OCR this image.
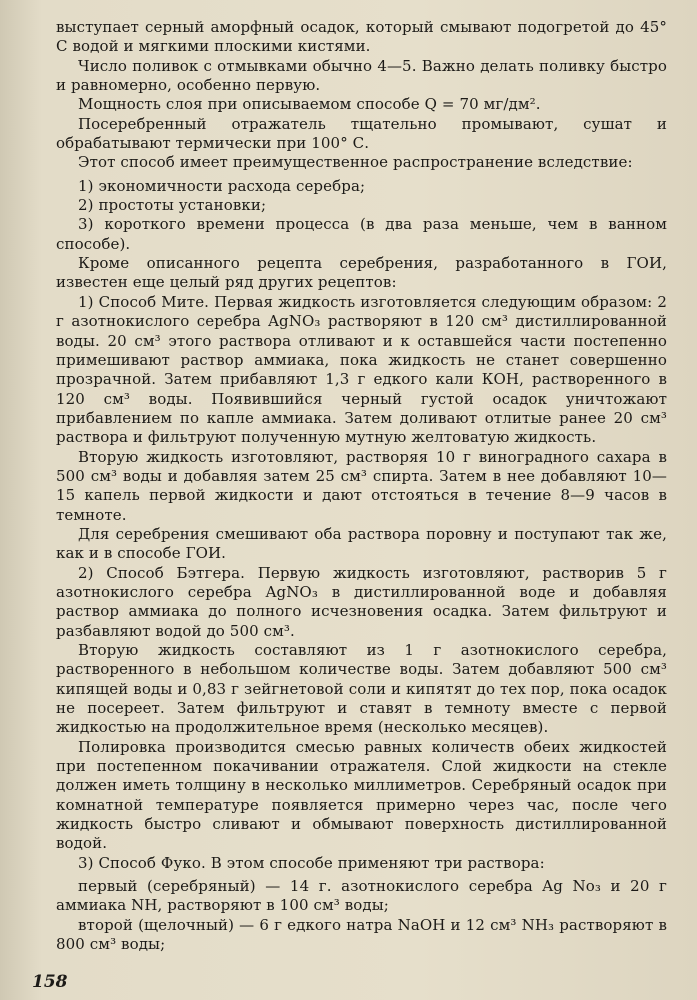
выступает серный аморфный осадок, который смывают подогретой до 45° С водой и мягкими плоскими кистями.

Число поливок с отмывками обычно 4—5. Важно делать поливку быстро и равномерно, особенно первую.

Мощность слоя при описываемом способе Q = 70 мг/дм².

Посеребренный отражатель тщательно промывают, сушат и обрабатывают термически при 100° С.

Этот способ имеет преимущественное распространение вследствие:

1) экономичности расхода серебра;

2) простоты установки;

3) короткого времени процесса (в два раза меньше, чем в ванном способе).

Кроме описанного рецепта серебрения, разработанного в ГОИ, известен еще целый ряд других рецептов:

1) Способ Мите. Первая жидкость изготовляется следующим образом: 2 г азотнокислого серебра AgNO₃ растворяют в 120 см³ дистиллированной воды. 20 см³ этого раствора отливают и к оставшейся части постепенно примешивают раствор аммиака, пока жидкость не станет совершенно прозрачной. Затем прибавляют 1,3 г едкого кали КОН, растворенного в 120 см³ воды. Появившийся черный густой осадок уничтожают прибавлением по капле аммиака. Затем доливают отлитые ранее 20 см³ раствора и фильтруют полученную мутную желтоватую жидкость.

Вторую жидкость изготовляют, растворяя 10 г виноградного сахара в 500 см³ воды и добавляя затем 25 см³ спирта. Затем в нее добавляют 10—15 капель первой жидкости и дают отстояться в течение 8—9 часов в темноте.

Для серебрения смешивают оба раствора поровну и поступают так же, как и в способе ГОИ.

2) Способ Бэтгера. Первую жидкость изготовляют, растворив 5 г азотнокислого серебра AgNO₃ в дистиллированной воде и добавляя раствор аммиака до полного исчезновения осадка. Затем фильтруют и разбавляют водой до 500 см³.

Вторую жидкость составляют из 1 г азотнокислого серебра, растворенного в небольшом количестве воды. Затем добавляют 500 см³ кипящей воды и 0,83 г зейгнетовой соли и кипятят до тех пор, пока осадок не посереет. Затем фильтруют и ставят в темноту вместе с первой жидкостью на продолжительное время (несколько месяцев).

Полировка производится смесью равных количеств обеих жидкостей при постепенном покачивании отражателя. Слой жидкости на стекле должен иметь толщину в несколько миллиметров. Серебряный осадок при комнатной температуре появляется примерно через час, после чего жидкость быстро сливают и обмывают поверхность дистиллированной водой.

3) Способ Фуко. В этом способе применяют три раствора:

первый (серебряный) — 14 г. азотнокислого серебра Ag No₃ и 20 г аммиака NH, растворяют в 100 см³ воды;

второй (щелочный) — 6 г едкого натра NaOH и 12 см³ NH₃ растворяют в 800 см³ воды;

158
